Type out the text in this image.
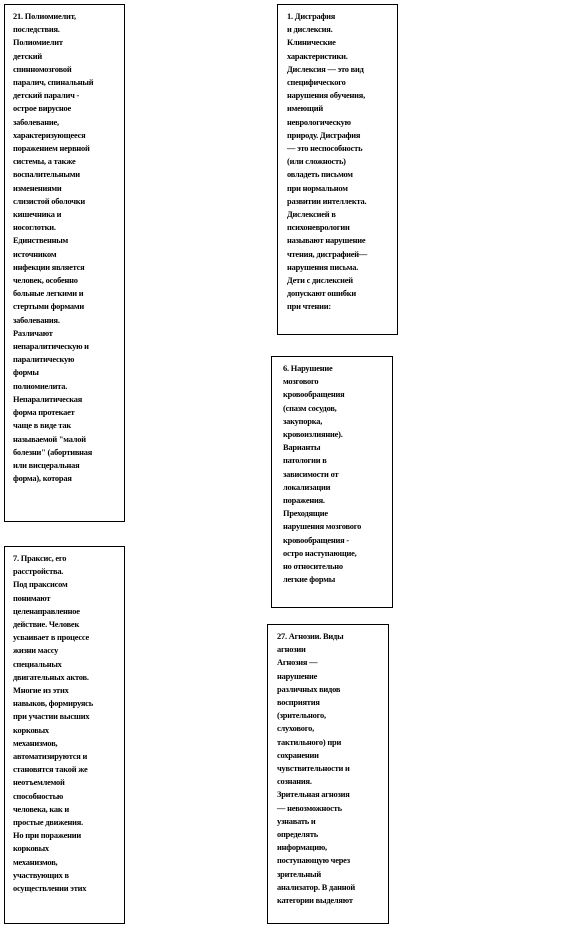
21. Полиомиелит,
последствия.
Полиомиелит
детский
спинномозговой
паралич, спинальный
детский паралич -
острое вирусное
заболевание,
характеризующееся
поражением нервной
системы, а также
воспалительными
изменениями
слизистой оболочки
кишечника и
носоглотки.
Единственным
источником
инфекции является
человек, особенно
больные легкими и
стертыми формами
заболевания.
Различают
непаралитическую и
паралитическую
формы
полиомиелита.
Непаралитическая
форма протекает
чаще в виде так
называемой "малой
болезни" (абортивная
или висцеральная
форма), которая
1. Дисграфия
и дислексия.
Клинические
характеристики.
Дислексия — это вид
специфического
нарушения обучения,
имеющий
неврологическую
природу. Дисграфия
— это неспособность
(или сложность)
овладеть письмом
при нормальном
развитии интеллекта.
Дислексией в
психоневрологии
называют нарушение
чтения, дисграфией—
нарушения письма.
Дети с дислексией
допускают ошибки
при чтении:
6. Нарушение
мозгового
кровообращения
(спазм сосудов,
закупорка,
кровоизлияние).
Варианты
патологии в
зависимости от
локализации
поражения.
Преходящие
нарушения мозгового
кровообращения -
остро наступающие,
но относительно
легкие формы
7. Праксис, его
расстройства.
Под праксисом
понимают
целенаправленное
действие. Человек
усваивает в процессе
жизни массу
специальных
двигательных актов.
Многие из этих
навыков, формируясь
при участии высших
корковых
механизмов,
автоматизируются и
становятся такой же
неотъемлемой
способностью
человека, как и
простые движения.
Но при поражении
корковых
механизмов,
участвующих в
осуществлении этих
27. Агнозии. Виды
агнозии
Агнозия —
нарушение
различных видов
восприятия
(зрительного,
слухового,
тактильного) при
сохранении
чувствительности и
сознания.
Зрительная агнозия
— невозможность
узнавать и
определять
информацию,
поступающую через
зрительный
анализатор. В данной
категории выделяют
